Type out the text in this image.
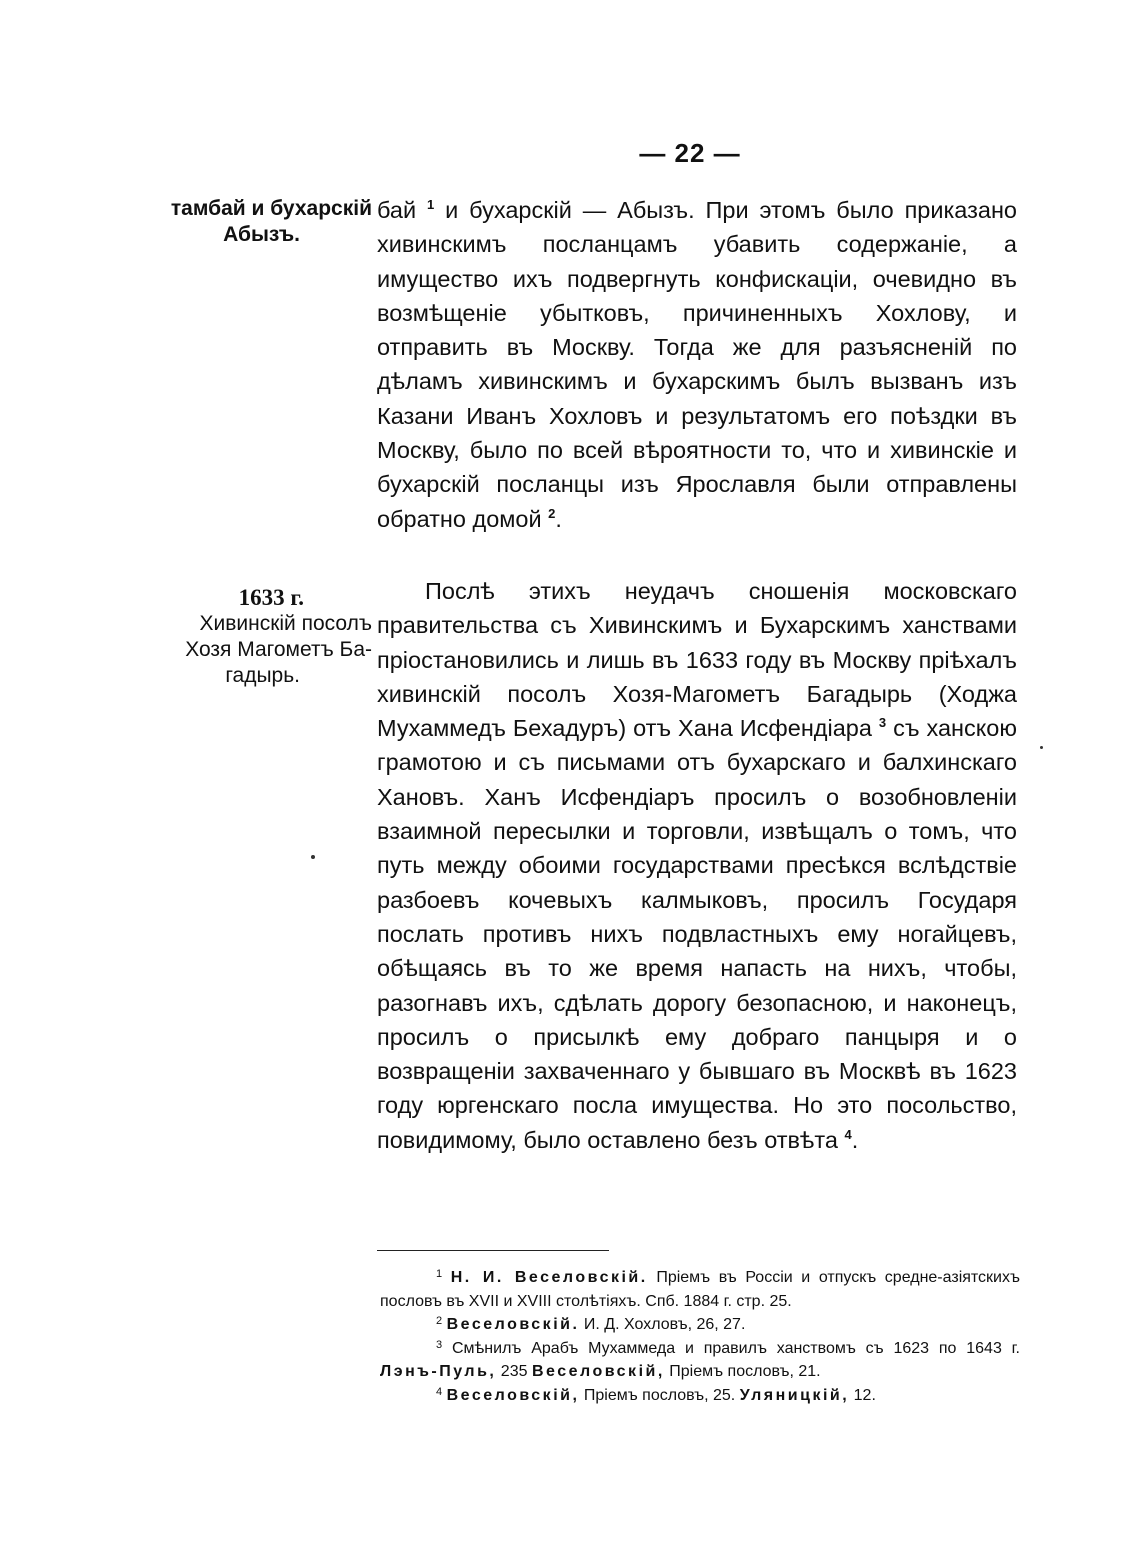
— 22 —
тамбай и бухарскій
Абызъ.
1633 г.
Хивинскій посолъ
Хозя Магометъ Ба-
гадырь.

бай $^1$ и бухарскій — Абызъ. При этомъ было приказано хивинскимъ посланцамъ убавить содержаніе, а имущество ихъ подвергнуть конфискаціи, очевидно въ возмѣщеніе убытковъ, причиненныхъ Хохлову, и отправить въ Москву. Тогда же для разъясненій по дѣламъ хивинскимъ и бухарскимъ былъ вызванъ изъ Казани Иванъ Хохловъ и результатомъ его поѣздки въ Москву, было по всей вѣроятности то, что и хивинскіе и бухарскій посланцы изъ Ярославля были отправлены обратно домой $^2$.

Послѣ этихъ неудачъ сношенія московскаго правительства съ Хивинскимъ и Бухарскимъ ханствами пріостановились и лишь въ 1633 году въ Москву пріѣхалъ хивинскій посолъ Хозя-Магометъ Багадырь (Ходжа Мухаммедъ Бехадуръ) отъ Хана Исфендіара $^3$ съ ханскою грамотою и съ письмами отъ бухарскаго и балхинскаго Хановъ. Ханъ Исфендіаръ просилъ о возобновленіи взаимной пересылки и торговли, извѣщалъ о томъ, что путь между обоими государствами пресѣкся вслѣдствіе разбоевъ кочевыхъ калмыковъ, просилъ Государя послать противъ нихъ подвластныхъ ему ногайцевъ, обѣщаясь въ то же время напасть на нихъ, чтобы, разогнавъ ихъ, сдѣлать дорогу безопасною, и наконецъ, просилъ о присылкѣ ему добраго панцыря и о возвращеніи захваченнаго у бывшаго въ Москвѣ въ 1623 году юргенскаго посла имущества. Но это посольство, повидимому, было оставлено безъ отвѣта $^4$.

$^1$ Н. И. Веселовскій. Пріемъ въ Россіи и отпускъ средне-азіятскихъ пословъ въ XVII и XVIII столѣтіяхъ. Спб. 1884 г. стр. 25.

$^2$ Веселовскій. И. Д. Хохловъ, 26, 27.

$^3$ Смѣнилъ Арабъ Мухаммеда и правилъ ханствомъ съ 1623 по 1643 г. Лэнъ-Пуль, 235 Веселовскій, Пріемъ пословъ, 21.

$^4$ Веселовскій, Пріемъ пословъ, 25. Уляницкій, 12.
